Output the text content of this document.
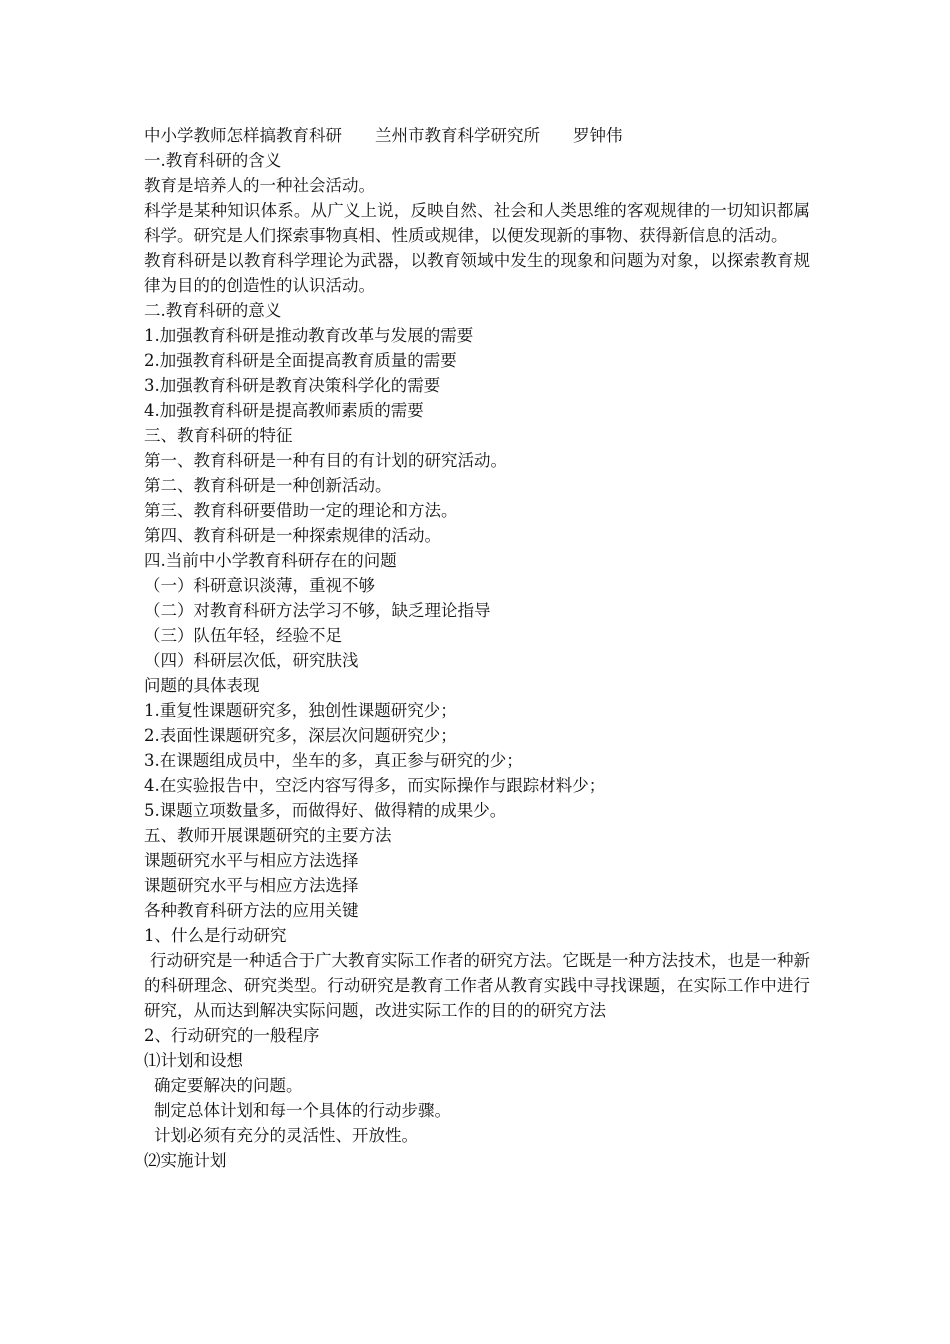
中小学教师怎样搞教育科研　　兰州市教育科学研究所　　罗钟伟
一.教育科研的含义
教育是培养人的一种社会活动。
科学是某种知识体系。从广义上说，反映自然、社会和人类思维的客观规律的一切知识都属科学。研究是人们探索事物真相、性质或规律，以便发现新的事物、获得新信息的活动。
教育科研是以教育科学理论为武器，以教育领域中发生的现象和问题为对象，以探索教育规律为目的的创造性的认识活动。
二.教育科研的意义
1.加强教育科研是推动教育改革与发展的需要
2.加强教育科研是全面提高教育质量的需要
3.加强教育科研是教育决策科学化的需要
4.加强教育科研是提高教师素质的需要
三、教育科研的特征
第一、教育科研是一种有目的有计划的研究活动。
第二、教育科研是一种创新活动。
第三、教育科研要借助一定的理论和方法。
第四、教育科研是一种探索规律的活动。
四.当前中小学教育科研存在的问题
（一）科研意识淡薄，重视不够
（二）对教育科研方法学习不够，缺乏理论指导
（三）队伍年轻，经验不足
（四）科研层次低，研究肤浅
问题的具体表现
1.重复性课题研究多，独创性课题研究少；
2.表面性课题研究多，深层次问题研究少；
3.在课题组成员中，坐车的多，真正参与研究的少；
4.在实验报告中，空泛内容写得多，而实际操作与跟踪材料少；
5.课题立项数量多，而做得好、做得精的成果少。
五、教师开展课题研究的主要方法
课题研究水平与相应方法选择
课题研究水平与相应方法选择
各种教育科研方法的应用关键
1、什么是行动研究
行动研究是一种适合于广大教育实际工作者的研究方法。它既是一种方法技术，也是一种新的科研理念、研究类型。行动研究是教育工作者从教育实践中寻找课题，在实际工作中进行研究，从而达到解决实际问题，改进实际工作的目的的研究方法
2、行动研究的一般程序
⑴计划和设想
确定要解决的问题。
制定总体计划和每一个具体的行动步骤。
计划必须有充分的灵活性、开放性。
⑵实施计划
